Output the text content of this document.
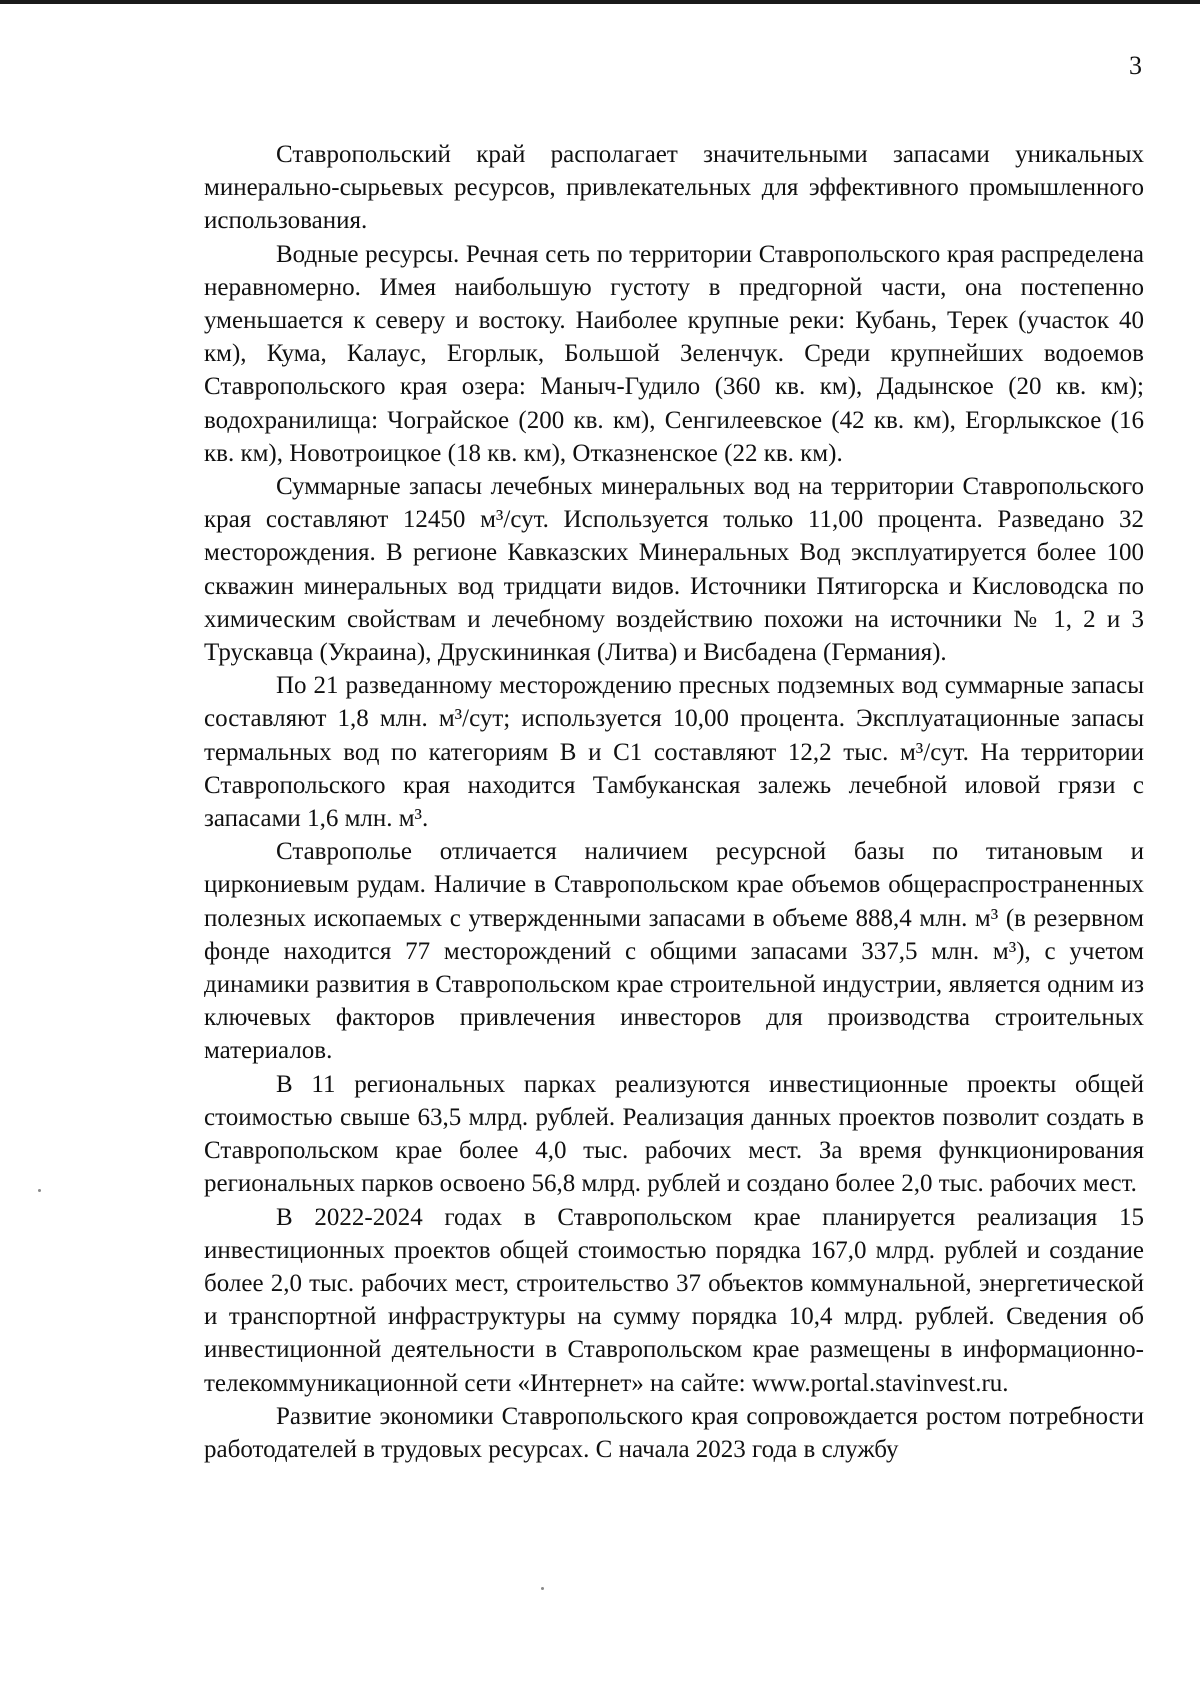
3

Ставропольский край располагает значительными запасами уникальных минерально-сырьевых ресурсов, привлекательных для эффективного промышленного использования.

Водные ресурсы. Речная сеть по территории Ставропольского края распределена неравномерно. Имея наибольшую густоту в предгорной части, она постепенно уменьшается к северу и востоку. Наиболее крупные реки: Кубань, Терек (участок 40 км), Кума, Калаус, Егорлык, Большой Зеленчук. Среди крупнейших водоемов Ставропольского края озера: Маныч-Гудило (360 кв. км), Дадынское (20 кв. км); водохранилища: Чограйское (200 кв. км), Сенгилеевское (42 кв. км), Егорлыкское (16 кв. км), Новотроицкое (18 кв. км), Отказненское (22 кв. км).

Суммарные запасы лечебных минеральных вод на территории Ставропольского края составляют 12450 м³/сут. Используется только 11,00 процента. Разведано 32 месторождения. В регионе Кавказских Минеральных Вод эксплуатируется более 100 скважин минеральных вод тридцати видов. Источники Пятигорска и Кисловодска по химическим свойствам и лечебному воздействию похожи на источники № 1, 2 и 3 Трускавца (Украина), Друскининкая (Литва) и Висбадена (Германия).

По 21 разведанному месторождению пресных подземных вод суммарные запасы составляют 1,8 млн. м³/сут; используется 10,00 процента. Эксплуатационные запасы термальных вод по категориям В и С1 составляют 12,2 тыс. м³/сут. На территории Ставропольского края находится Тамбуканская залежь лечебной иловой грязи с запасами 1,6 млн. м³.

Ставрополье отличается наличием ресурсной базы по титановым и циркониевым рудам. Наличие в Ставропольском крае объемов общераспространенных полезных ископаемых с утвержденными запасами в объеме 888,4 млн. м³ (в резервном фонде находится 77 месторождений с общими запасами 337,5 млн. м³), с учетом динамики развития в Ставропольском крае строительной индустрии, является одним из ключевых факторов привлечения инвесторов для производства строительных материалов.

В 11 региональных парках реализуются инвестиционные проекты общей стоимостью свыше 63,5 млрд. рублей. Реализация данных проектов позволит создать в Ставропольском крае более 4,0 тыс. рабочих мест. За время функционирования региональных парков освоено 56,8 млрд. рублей и создано более 2,0 тыс. рабочих мест.

В 2022-2024 годах в Ставропольском крае планируется реализация 15 инвестиционных проектов общей стоимостью порядка 167,0 млрд. рублей и создание более 2,0 тыс. рабочих мест, строительство 37 объектов коммунальной, энергетической и транспортной инфраструктуры на сумму порядка 10,4 млрд. рублей. Сведения об инвестиционной деятельности в Ставропольском крае размещены в информационно-телекоммуникационной сети «Интернет» на сайте: www.portal.stavinvest.ru.

Развитие экономики Ставропольского края сопровождается ростом потребности работодателей в трудовых ресурсах. С начала 2023 года в службу
